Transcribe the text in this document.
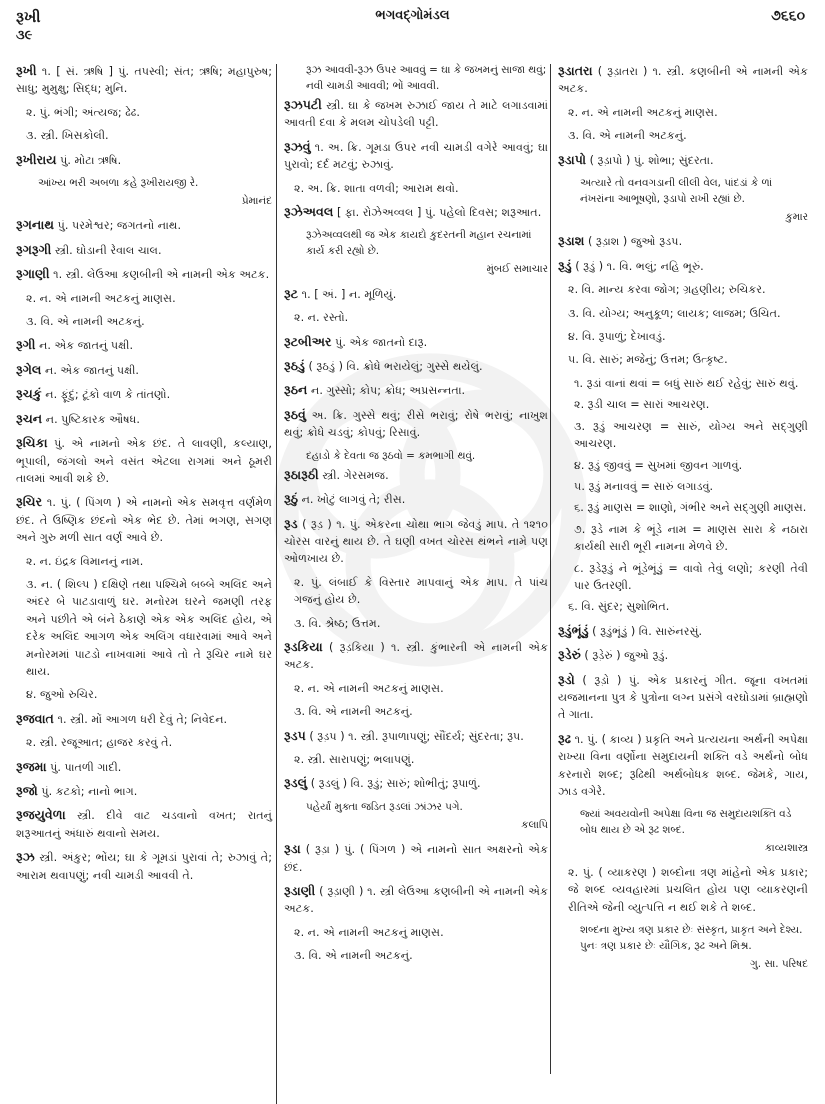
રૂખી	ભગવદ્ગોમંડલ	૭૬૬૦
૩૯
રૂખી ૧. [ સં. ઋષિ ] પું. તપસ્વી; સંત; ઋષિ; મહાપુરુષ; સાધુ; મુમુક્ષુ; સિદ્ધ; મુનિ.
૨. પું. ભંગી; અંત્યજ; ઢેઢ.
૩. સ્ત્રી. ખિસકોલી.
રૂખીરાય પું. મોટા ઋષિ.
આંખ્ય ભરી અબળા કહે રૂખીરાયજી રે.
પ્રેમાનંદ
રૂગનાથ પું. પરમેશ્વર; જગતનો નાથ.
રૂગરૂગી સ્ત્રી. ઘોડાની રેવાલ ચાલ.
રૂગાણી ૧. સ્ત્રી. લેઉઆ કણબીની એ નામની એક અટક.
૨. ન. એ નામની અટકનું માણસ.
૩. વિ. એ નામની અટકનું.
રૂગી ન. એક જાતનું પક્ષી.
રૂગેલ ન. એક જાતનું પક્ષી.
રૂચકું ન. ફૂંદું; ટૂંકો વાળ કે તાંતણો.
રૂચન ન. પુષ્ટિકારક ઔષધ.
રૂચિકા પું. એ નામનો એક છંદ. તે લાવણી, કલ્યાણ, ભૂપાલી, જંગલો અને વસંત એટલા રાગમાં અને ઠૂમરી તાલમાં આવી શકે છે.
રૂચિર ૧. પું. ( પિંગળ ) એ નામનો એક સમવૃત્ત વર્ણમેળ છંદ. તે ઉષ્ણિક છંદનો એક ભેદ છે. તેમાં ભગણ, સગણ અને ગુરુ મળી સાત વર્ણ આવે છે.
૨. ન. ઇંદ્રક વિમાનનું નામ.
૩. ન. ( શિલ્પ ) દક્ષિણે તથા પશ્ચિમે બબ્બે અલિંદ અને અંદર બે પાટડાવાળું ઘર. મનોરમ ઘરને જમણી તરફ અને પછીતે એ બંને ઠેકાણે એક એક અલિંદ હોય, એ દરેક અલિંદ આગળ એક અલિંગ વધારવામાં આવે અને મનોરમમાં પાટડો નાખવામાં આવે તો તે રૂચિર નામે ઘર થાય.
૪. જુઓ રુચિર.
રૂજવાત ૧. સ્ત્રી. મોં આગળ ધરી દેવું તે; નિવેદન.
૨. સ્ત્રી. રજૂઆત; હાજર કરવું તે.
રૂજમા પું. પાતળી ગાદી.
રૂજો પું. કટકો; નાનો ભાગ.
રૂજયુવેળા સ્ત્રી. દીવે વાટ ચડવાનો વખત; રાતનું શરૂઆતનું અંધારું થવાનો સમય.
રૂઝ સ્ત્રી. અંકુર; ભોંય; ઘા કે ગૂમડાં પુરાવાં તે; રુઝાવું તે; આરામ થવાપણું; નવી ચામડી આવવી તે.
રૂઝ આવવી-રૂઝ ઉપર આવવું = ઘા કે જખમનું સાજા થવું; નવી ચામડી આવવી; ભોં આવવી.
રૂઝપટી સ્ત્રી. ઘા કે જખમ રુઝાઈ જાય તે માટે લગાડવામાં આવતી દવા કે મલમ ચોપડેલી પટ્ટી.
રૂઝવું ૧. અ. ક્રિ. ગૂમડા ઉપર નવી ચામડી વગેરે આવવું; ઘા પુરાવો; દર્દ મટવું; રુઝાવું.
૨. અ. ક્રિ. શાતા વળવી; આરામ થવો.
રૂઝેઅવલ [ ફા. રોઝેઅવ્વલ ] પું. પહેલો દિવસ; શરૂઆત.
રૂઝેઅવ્વલથી જ એક કાયદો કુદરતની મહાન રચનામાં કાર્ય કરી રહ્યો છે.
મુંબઈ સમાચાર
રૂટ ૧. [ અં. ] ન. મૂળિયું.
૨. ન. રસ્તો.
રૂટબીઅર પું. એક જાતનો દારૂ.
રૂઠડું ( રૂઠડું ) વિ. ક્રોધે ભરાયેલું; ગુસ્સે થયેલું.
રૂઠન ન. ગુસ્સો; કોપ; ક્રોધ; અપ્રસન્નતા.
રૂઠવું અ. ક્રિ. ગુસ્સે થવું; રીસે ભરાવું; રોષે ભરાવું; નાખુશ થવું; ક્રોધે ચડવું; કોપવું; રિસાવું.
દહાડો કે દેવતા જ રૂઠવો = કમભાગી થવું.
રૂઠારૂઠી સ્ત્રી. ગેરસમજ.
રૂઠું ન. ખોટું લાગવું તે; રીસ.
રૂડ ( રૂડ઼ ) ૧. પું. એકરના ચોથા ભાગ જેવડું માપ. તે ૧૨૧૦ ચોરસ વારનું થાય છે. તે ઘણી વખત ચોરસ થંભને નામે પણ ઓળખાય છે.
૨. પું. લંબાઈ કે વિસ્તાર માપવાનું એક માપ. તે પાંચ ગજનું હોય છે.
૩. વિ. શ્રેષ્ઠ; ઉત્તમ.
રૂડકિયા ( રૂડ઼કિયા ) ૧. સ્ત્રી. કુંભારની એ નામની એક અટક.
૨. ન. એ નામની અટકનું માણસ.
૩. વિ. એ નામની અટકનું.
રૂડપ ( રૂડ઼પ ) ૧. સ્ત્રી. રૂપાળાપણું; સૌંદર્ય; સુંદરતા; રૂપ.
૨. સ્ત્રી. સારાપણું; ભલાપણું.
રૂડલું ( રૂડલું ) વિ. રૂડું; સારું; શોભીતું; રૂપાળું.
પહેર્યાં મુક્તા જડિત રૂડલાં ઝાંઝર પગે.
કલાપિ
રૂડા ( રૂડ઼ા ) પું. ( પિંગળ ) એ નામનો સાત અક્ષરનો એક છંદ.
રૂડાણી ( રૂડ઼ાણી ) ૧. સ્ત્રી લેઉઆ કણબીની એ નામની એક અટક.
૨. ન. એ નામની અટકનું માણસ.
૩. વિ. એ નામની અટકનું.
રૂડાતરા ( રૂડ઼ાતરા ) ૧. સ્ત્રી. કણબીની એ નામની એક અટક.
૨. ન. એ નામની અટકનું માણસ.
૩. વિ. એ નામની અટકનું.
રૂડાપો ( રૂડ઼ાપો ) પું. શોભા; સુંદરતા.
અત્યારે તો વનવગડાની લીલી વેલ, પાંદડાં કે ળાં નંખરાંના આભૂષણો, રૂડાપો રાખી રહ્યાં છે.
કુમાર
રૂડાશ ( રૂડ઼ાશ ) જુઓ રૂડપ.
રૂડું ( રૂડ઼ું ) ૧. વિ. ભલું; નહિ ભૂરું.
૨. વિ. માન્ય કરવા જોગ; ગ્રહણીય; રુચિકર.
૩. વિ. યોગ્ય; અનુકૂળ; લાયક; લાજમ; ઉચિત.
૪. વિ. રૂપાળું; દેખાવડું.
૫. વિ. સારું; મજેનું; ઉત્તમ; ઉત્કૃષ્ટ.
૧. રૂડાં વાનાં થવાં = બધું સારું થઈ રહેવું; સારું થવું.
૨. રૂડી ચાલ = સારાં આચરણ.
૩. રૂડું આચરણ = સારું, યોગ્ય અને સદ્ગુણી આચરણ.
૪. રૂડું જીવવું = સુખમાં જીવન ગાળવું.
૫. રૂડું મનાવવું = સારું લગાડવું.
૬. રૂડું માણસ = શાણો, ગંભીર અને સદ્ગુણી માણસ.
૭. રૂડે નામ કે ભૂંડે નામ = માણસ સારા કે નઠારા કાર્યથી સારી ભૂરી નામના મેળવે છે.
૮. રૂડેરૂડું ને ભૂંડેભૂંડું = વાવો તેવું લણો; કરણી તેવી પાર ઉતરણી.
૬. વિ. સુંદર; સુશોભિત.
રૂડુંભૂંડું ( રૂડ઼ુંભૂંડ઼ું ) વિ. સારુંનરસું.
રૂડેરું ( રૂડ઼ેરું ) જુઓ રૂડું.
રૂડો ( રૂડ઼ો ) પું. એક પ્રકારનું ગીત. જૂના વખતમાં યજમાનના પુત્ર કે પુત્રોના લગ્ન પ્રસંગે વરઘોડામાં બ્રાહ્મણો તે ગાતા.
રૂઢ ૧. પું. ( કાવ્ય ) પ્રકૃતિ અને પ્રત્યયના અર્થની અપેક્ષા રાખ્યા વિના વર્ણોના સમુદાયની શક્તિ વડે અર્થનો બોધ કરનારો શબ્દ; રૂઢિથી અર્થબોધક શબ્દ. જેમકે, ગાય, ઝાડ વગેરે.
જ્યાં અવયવોની અપેક્ષા વિના જ સમુદાયશક્તિ વડે બોધ થાય છે એ રૂઢ શબ્દ.
કાવ્યશાસ્ત્ર
૨. પું. ( વ્યાકરણ ) શબ્દોના ત્રણ માંહેનો એક પ્રકાર; જે શબ્દ વ્યવહારમાં પ્રચલિત હોય પણ વ્યાકરણની રીતિએ જેની વ્યુત્પત્તિ ન થઈ શકે તે શબ્દ.
શબ્દના મુખ્ય ત્રણ પ્રકાર છેઃ સંસ્કૃત, પ્રાકૃત અને દેશ્ય. પુનઃ ત્રણ પ્રકાર છેઃ યૌગિક, રૂઢ અને મિશ્ર.
ગુ. સા. પરિષદ
